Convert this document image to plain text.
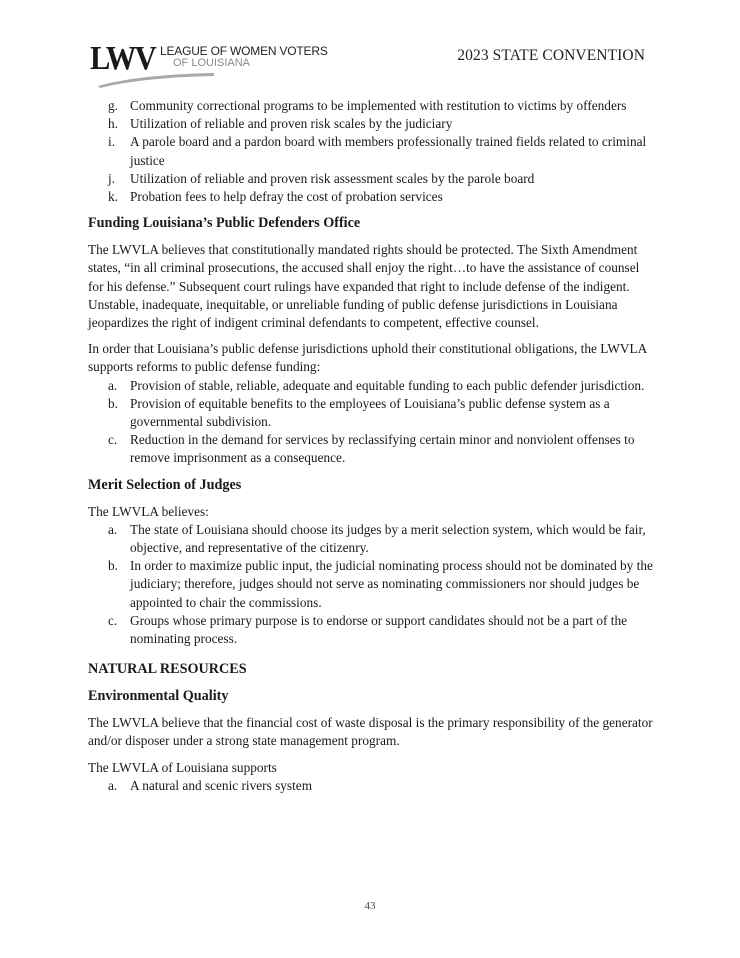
LWV LEAGUE OF WOMEN VOTERS
OF LOUISIANA	2023 STATE CONVENTION
g. Community correctional programs to be implemented with restitution to victims by offenders
h. Utilization of reliable and proven risk scales by the judiciary
i. A parole board and a pardon board with members professionally trained fields related to criminal justice
j. Utilization of reliable and proven risk assessment scales by the parole board
k. Probation fees to help defray the cost of probation services
Funding Louisiana’s Public Defenders Office

The LWVLA believes that constitutionally mandated rights should be protected. The Sixth Amendment states, “in all criminal prosecutions, the accused shall enjoy the right…to have the assistance of counsel for his defense.” Subsequent court rulings have expanded that right to include defense of the indigent. Unstable, inadequate, inequitable, or unreliable funding of public defense jurisdictions in Louisiana jeopardizes the right of indigent criminal defendants to competent, effective counsel.

In order that Louisiana’s public defense jurisdictions uphold their constitutional obligations, the LWVLA supports reforms to public defense funding:

a. Provision of stable, reliable, adequate and equitable funding to each public defender jurisdiction.
b. Provision of equitable benefits to the employees of Louisiana’s public defense system as a governmental subdivision.
c. Reduction in the demand for services by reclassifying certain minor and nonviolent offenses to remove imprisonment as a consequence.
Merit Selection of Judges

The LWVLA believes:

a. The state of Louisiana should choose its judges by a merit selection system, which would be fair, objective, and representative of the citizenry.
b. In order to maximize public input, the judicial nominating process should not be dominated by the judiciary; therefore, judges should not serve as nominating commissioners nor should judges be appointed to chair the commissions.
c. Groups whose primary purpose is to endorse or support candidates should not be a part of the nominating process.
NATURAL RESOURCES
Environmental Quality

The LWVLA believe that the financial cost of waste disposal is the primary responsibility of the generator and/or disposer under a strong state management program.

The LWVLA of Louisiana supports

a. A natural and scenic rivers system
43
